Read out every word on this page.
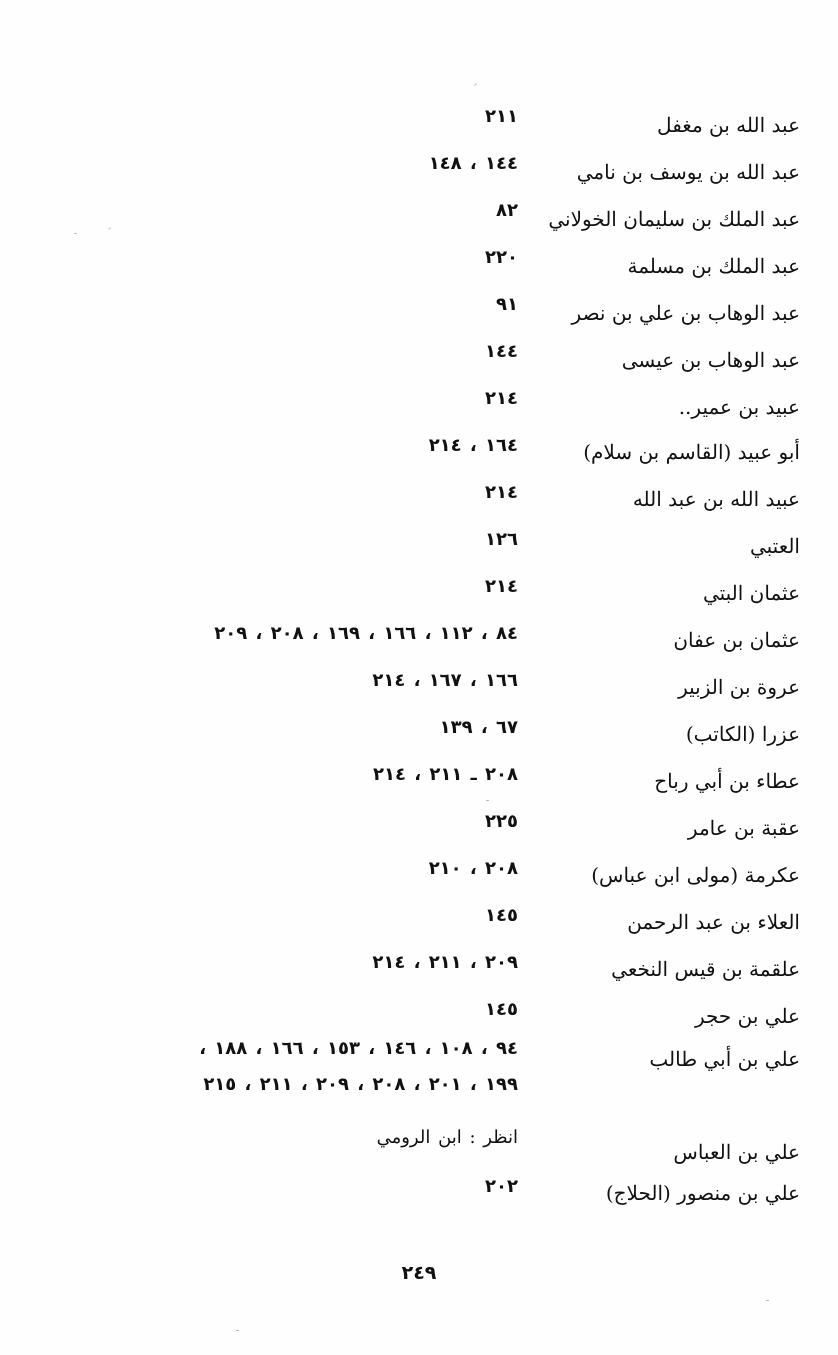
عبد الله بن مغفل
٢١١
عبد الله بن يوسف بن نامي
١٤٤ ، ١٤٨
عبد الملك بن سليمان الخولاني
٨٢
عبد الملك بن مسلمة
٢٢٠
عبد الوهاب بن علي بن نصر
٩١
عبد الوهاب بن عيسى
١٤٤
عبيد بن عمير..
٢١٤
أبو عبيد (القاسم بن سلام)
١٦٤ ، ٢١٤
عبيد الله بن عبد الله
٢١٤
العتبي
١٢٦
عثمان البتي
٢١٤
عثمان بن عفان
٨٤ ، ١١٢ ، ١٦٦ ، ١٦٩ ، ٢٠٨ ، ٢٠٩
عروة بن الزبير
١٦٦ ، ١٦٧ ، ٢١٤
عزرا (الكاتب)
٦٧ ، ١٣٩
عطاء بن أبي رباح
٢٠٨ ـ ٢١١ ، ٢١٤
عقبة بن عامر
٢٢٥
عكرمة (مولى ابن عباس)
٢٠٨ ، ٢١٠
العلاء بن عبد الرحمن
١٤٥
علقمة بن قيس النخعي
٢٠٩ ، ٢١١ ، ٢١٤
علي بن حجر
١٤٥
علي بن أبي طالب
٩٤ ، ١٠٨ ، ١٤٦ ، ١٥٣ ، ١٦٦ ، ١٨٨ ،
١٩٩ ، ٢٠١ ، ٢٠٨ ، ٢٠٩ ، ٢١١ ، ٢١٥
علي بن العباس
انظر : ابن الرومي
علي بن منصور (الحلاج)
٢٠٢
٢٤٩
